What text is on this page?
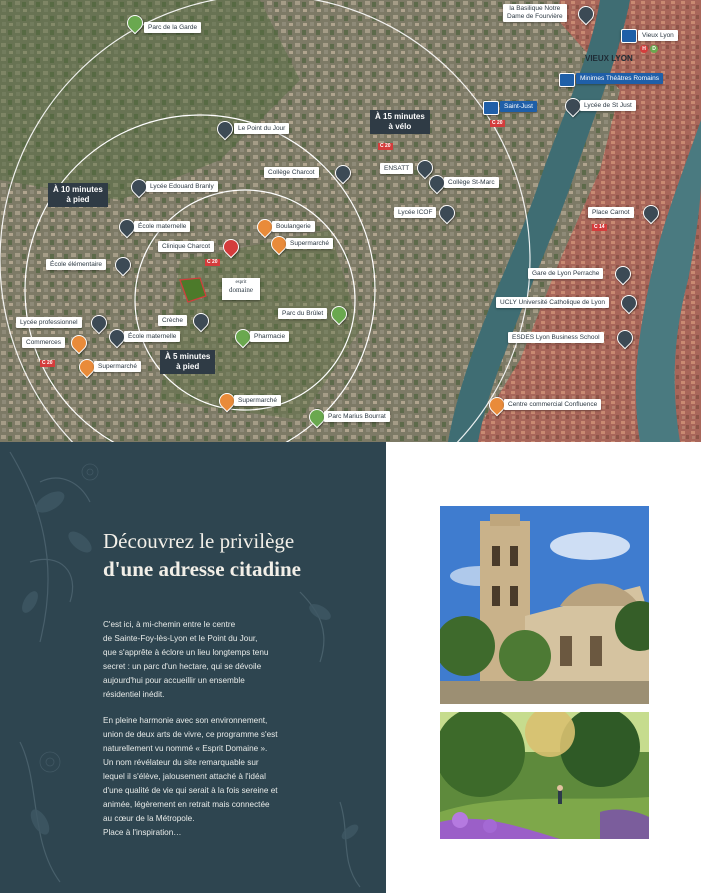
esprit
domaine
VIEUX LYON
H	D
À 10 minutes
à pied
À 5 minutes
à pied
À 15 minutes
à vélo	C 20
C 20
C 20
C 20
C 14
Parc de la Garde
la Basilique Notre
Dame de Fourvière
Vieux Lyon
Minimes Théâtres Romains
Saint-Just	Lycée de St Just
Le Point du Jour
Collège Charcot
ENSATT
Collège St-Marc
Lycée Edouard Branly
Lycée ICOF	Place Carnot
École maternelle	Boulangerie
Clinique Charcot	Supermarché
École élémentaire
Gare de Lyon Perrache
UCLY Université Catholique de Lyon
Parc du Brûlet
Lycée professionnel	Crèche
École maternelle	Pharmacie	ESDES Lyon Business School
Commerces
Supermarché
Supermarché
Centre commercial Confluence
Parc Marius Bourrat
Découvrez le privilège
d'une adresse citadine
C'est ici, à mi-chemin entre le centre
de Sainte-Foy-lès-Lyon et le Point du Jour,
que s'apprête à éclore un lieu longtemps tenu
secret : un parc d'un hectare, qui se dévoile
aujourd'hui pour accueillir un ensemble
résidentiel inédit.
En pleine harmonie avec son environnement,
union de deux arts de vivre, ce programme s'est
naturellement vu nommé « Esprit Domaine ».
Un nom révélateur du site remarquable sur
lequel il s'élève, jalousement attaché à l'idéal
d'une qualité de vie qui serait à la fois sereine et
animée, légèrement en retrait mais connectée
au cœur de la Métropole.
Place à l'inspiration…
